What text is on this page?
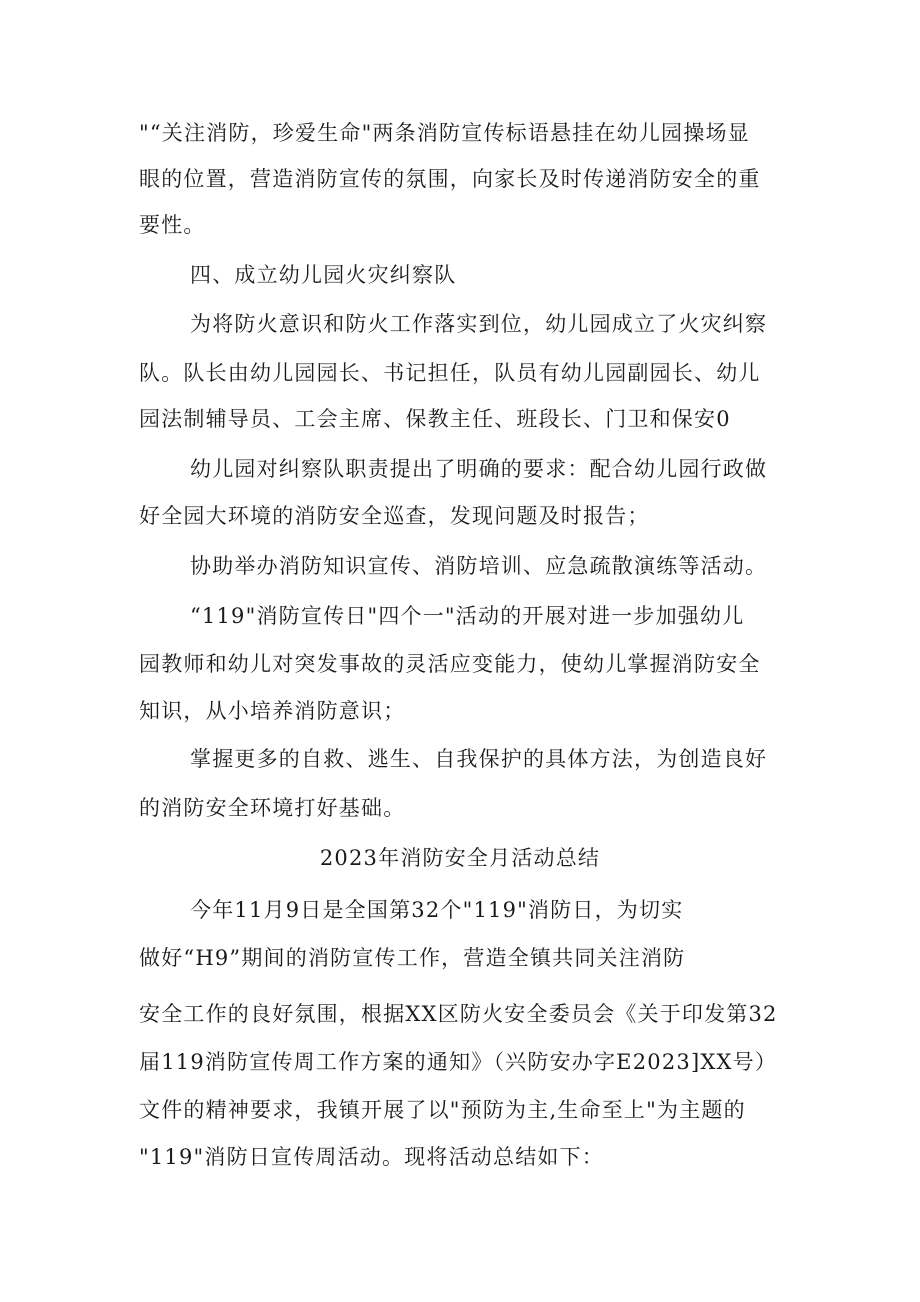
"“关注消防，珍爱生命"两条消防宣传标语悬挂在幼儿园操场显
眼的位置，营造消防宣传的氛围，向家长及时传递消防安全的重
要性。
四、成立幼儿园火灾纠察队
为将防火意识和防火工作落实到位，幼儿园成立了火灾纠察
队。队长由幼儿园园长、书记担任，队员有幼儿园副园长、幼儿
园法制辅导员、工会主席、保教主任、班段长、门卫和保安0
幼儿园对纠察队职责提出了明确的要求：配合幼儿园行政做
好全园大环境的消防安全巡查，发现问题及时报告；
协助举办消防知识宣传、消防培训、应急疏散演练等活动。
“119"消防宣传日"四个一"活动的开展对进一步加强幼儿
园教师和幼儿对突发事故的灵活应变能力，使幼儿掌握消防安全
知识，从小培养消防意识；
掌握更多的自救、逃生、自我保护的具体方法，为创造良好
的消防安全环境打好基础。
2023年消防安全月活动总结
今年11月9日是全国第32个"119"消防日，为切实
做好“H9”期间的消防宣传工作，营造全镇共同关注消防
安全工作的良好氛围，根据XX区防火安全委员会《关于印发第32
届119消防宣传周工作方案的通知》（兴防安办字E2023]XX号）
文件的精神要求，我镇开展了以"预防为主,生命至上"为主题的
"119"消防日宣传周活动。现将活动总结如下：
